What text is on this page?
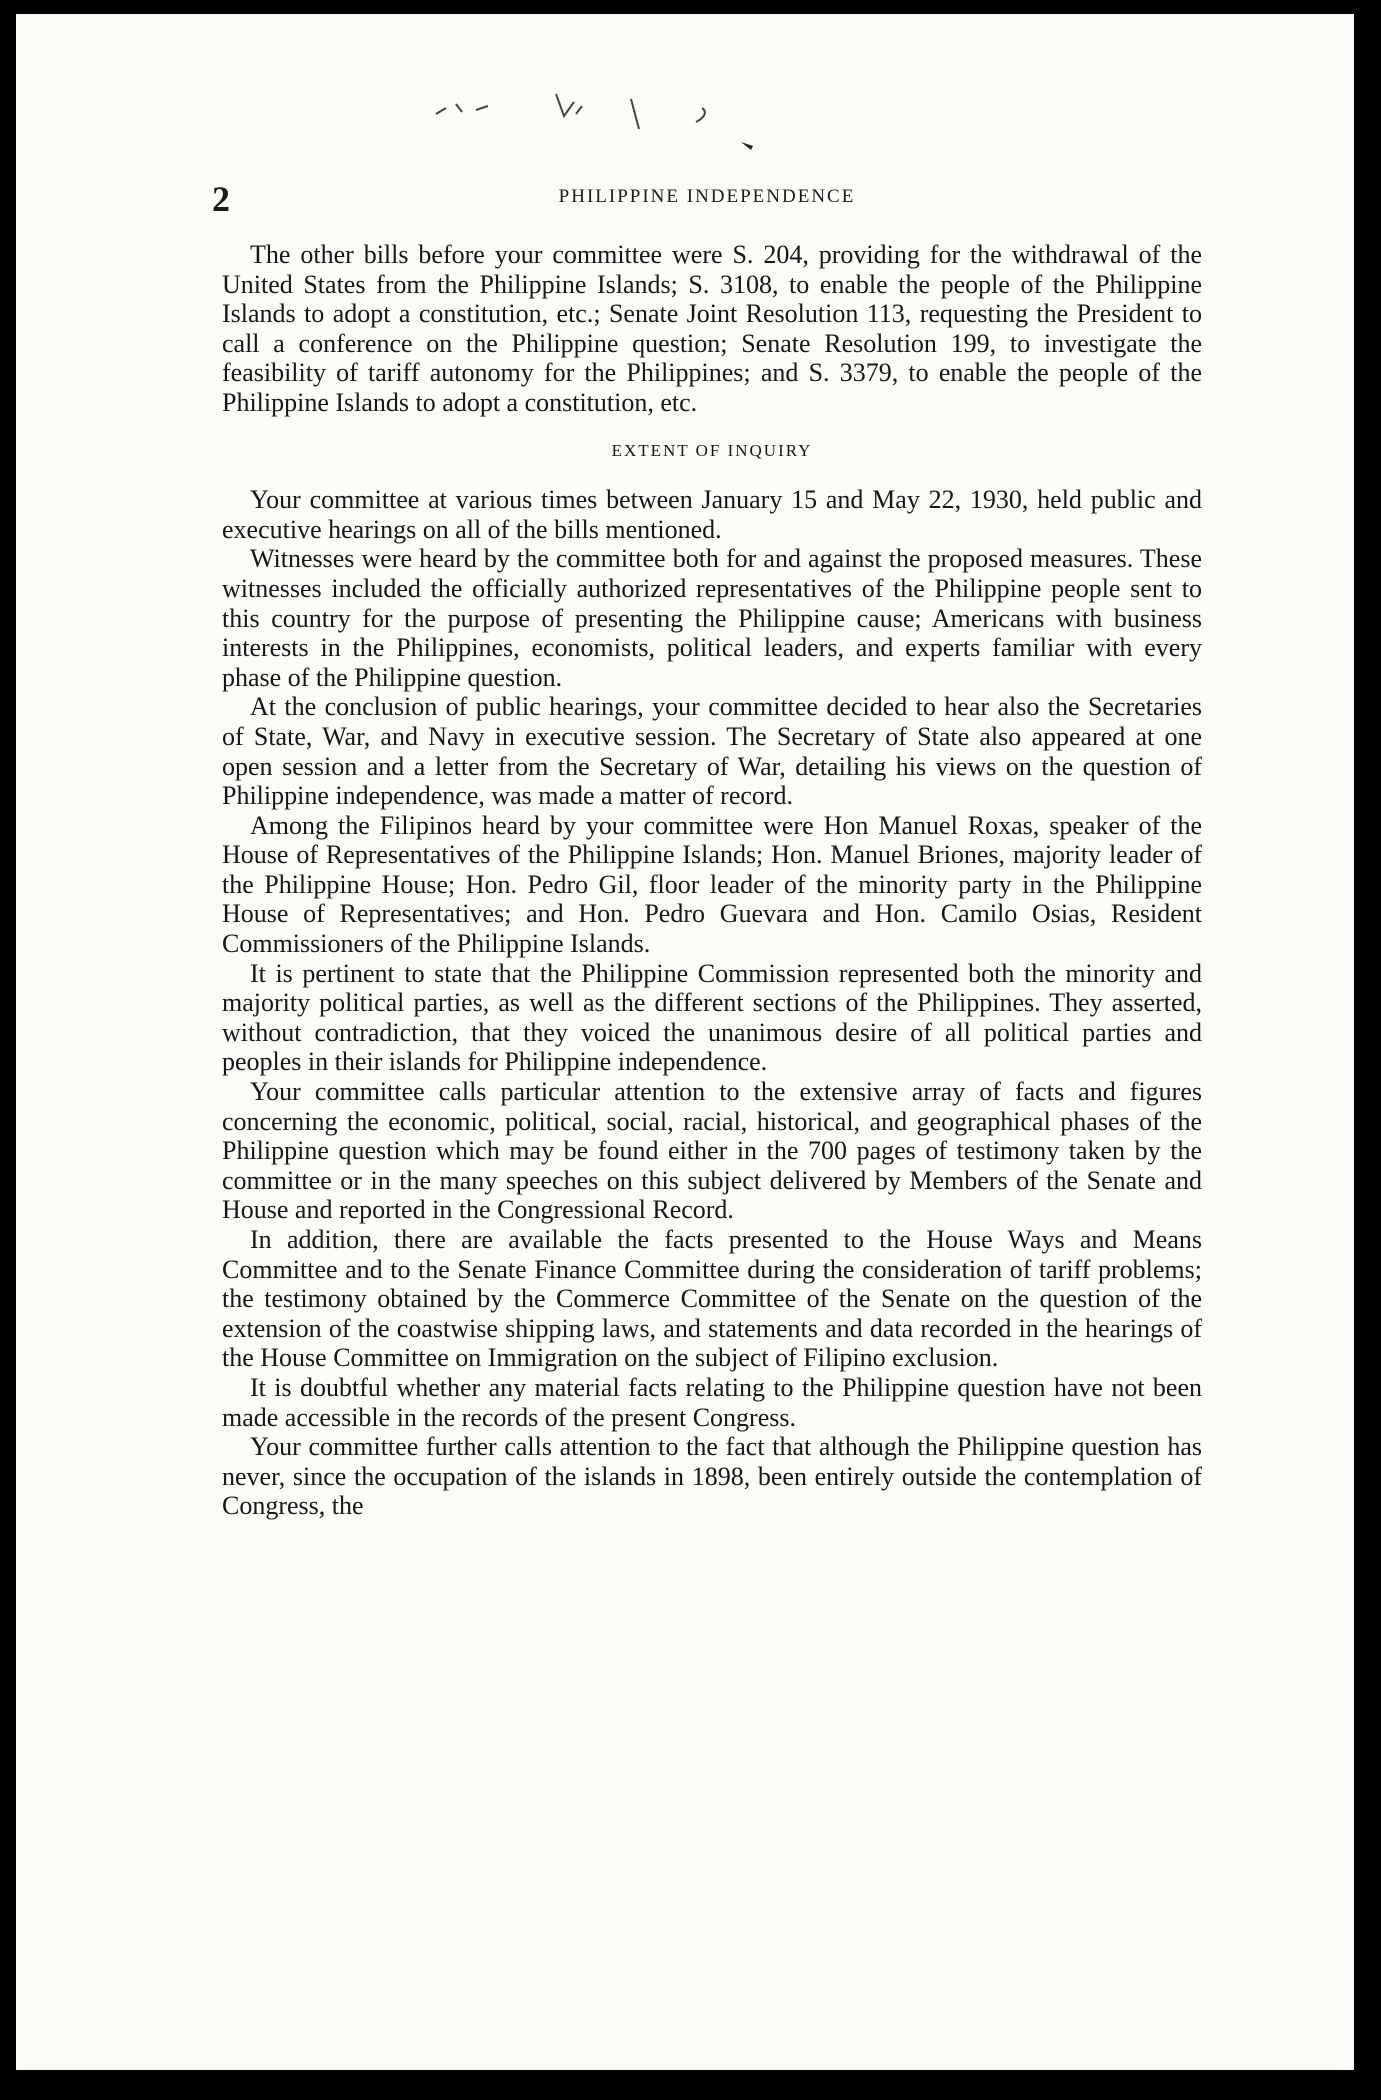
2	PHILIPPINE INDEPENDENCE

The other bills before your committee were S. 204, providing for the withdrawal of the United States from the Philippine Islands; S. 3108, to enable the people of the Philippine Islands to adopt a constitution, etc.; Senate Joint Resolution 113, requesting the President to call a conference on the Philippine question; Senate Resolution 199, to investigate the feasibility of tariff autonomy for the Philippines; and S. 3379, to enable the people of the Philippine Islands to adopt a constitution, etc.

EXTENT OF INQUIRY

Your committee at various times between January 15 and May 22, 1930, held public and executive hearings on all of the bills mentioned.

Witnesses were heard by the committee both for and against the proposed measures. These witnesses included the officially authorized representatives of the Philippine people sent to this country for the purpose of presenting the Philippine cause; Americans with business interests in the Philippines, economists, political leaders, and experts familiar with every phase of the Philippine question.

At the conclusion of public hearings, your committee decided to hear also the Secretaries of State, War, and Navy in executive session. The Secretary of State also appeared at one open session and a letter from the Secretary of War, detailing his views on the question of Philippine independence, was made a matter of record.

Among the Filipinos heard by your committee were Hon Manuel Roxas, speaker of the House of Representatives of the Philippine Islands; Hon. Manuel Briones, majority leader of the Philippine House; Hon. Pedro Gil, floor leader of the minority party in the Philippine House of Representatives; and Hon. Pedro Guevara and Hon. Camilo Osias, Resident Commissioners of the Philippine Islands.

It is pertinent to state that the Philippine Commission represented both the minority and majority political parties, as well as the different sections of the Philippines. They asserted, without contradiction, that they voiced the unanimous desire of all political parties and peoples in their islands for Philippine independence.

Your committee calls particular attention to the extensive array of facts and figures concerning the economic, political, social, racial, historical, and geographical phases of the Philippine question which may be found either in the 700 pages of testimony taken by the committee or in the many speeches on this subject delivered by Members of the Senate and House and reported in the Congressional Record.

In addition, there are available the facts presented to the House Ways and Means Committee and to the Senate Finance Committee during the consideration of tariff problems; the testimony obtained by the Commerce Committee of the Senate on the question of the extension of the coastwise shipping laws, and statements and data recorded in the hearings of the House Committee on Immigration on the subject of Filipino exclusion.

It is doubtful whether any material facts relating to the Philippine question have not been made accessible in the records of the present Congress.

Your committee further calls attention to the fact that although the Philippine question has never, since the occupation of the islands in 1898, been entirely outside the contemplation of Congress, the
